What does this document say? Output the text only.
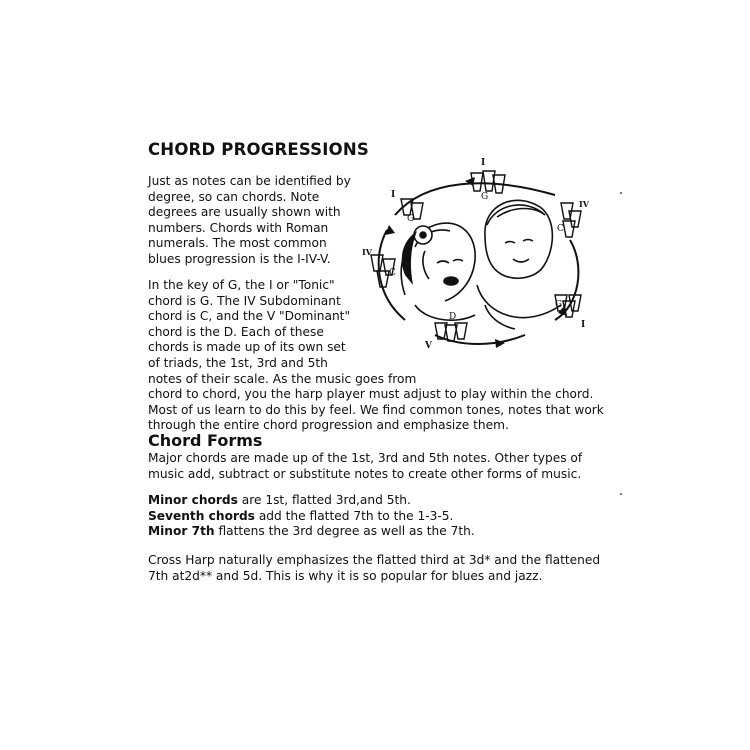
CHORD PROGRESSIONS
Just as notes can be identified by
degree, so can chords. Note
degrees are usually shown with
numbers. Chords with Roman
numerals. The most common
blues progression is the I-IV-V.
In the key of G, the I or "Tonic"
chord is G. The IV Subdominant
chord is C, and the V "Dominant"
chord is the D. Each of these
chords is made up of its own set
of triads, the 1st, 3rd and 5th
notes of their scale. As the music goes from
chord to chord, you the harp player must adjust to play within the chord.
Most of us learn to do this by feel. We find common tones, notes that work
through the entire chord progression and emphasize them.
Chord Forms
Major chords are made up of the 1st, 3rd and 5th notes. Other types of
music add, subtract or substitute notes to create other forms of music.
Minor chords are 1st, flatted 3rd,and 5th.
Seventh chords add the flatted 7th to the 1-3-5.
Minor 7th flattens the 3rd degree as well as the 7th.
Cross Harp naturally emphasizes the flatted third at 3d* and the flattened
7th at2d** and 5d. This is why it is so popular for blues and jazz.
I
I
IV
IV
I
V
G
G
C
C
G
D
